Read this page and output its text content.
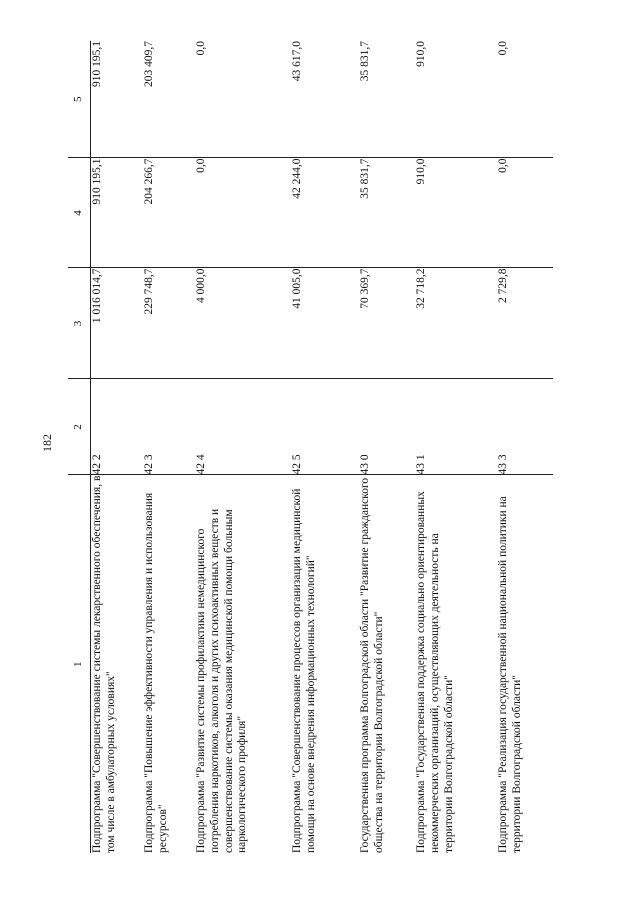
182
1	2	3	4	5
Подпрограмма "Совершенствование системы лекарственного обеспечения, в том числе в амбулаторных условиях"	42 2	1 016 014,7	910 195,1	910 195,1
Подпрограмма "Повышение эффективности управления и использования ресурсов"	42 3	229 748,7	204 266,7	203 409,7
Подпрограмма "Развитие системы профилактики немедицинского потребления наркотиков, алкоголя и других психоактивных веществ и совершенствование системы оказания медицинской помощи больным наркологического профиля"	42 4	4 000,0	0,0	0,0
Подпрограмма "Совершенствование процессов организации медицинской помощи на основе внедрения информационных технологий"	42 5	41 005,0	42 244,0	43 617,0
Государственная программа Волгоградской области "Развитие гражданского общества на территории Волгоградской области"	43 0	70 369,7	35 831,7	35 831,7
Подпрограмма "Государственная поддержка социально ориентированных некоммерческих организаций, осуществляющих деятельность на территории Волгоградской области"	43 1	32 718,2	910,0	910,0
Подпрограмма "Реализация государственной национальной политики на территории Волгоградской области"	43 3	2 729,8	0,0	0,0
